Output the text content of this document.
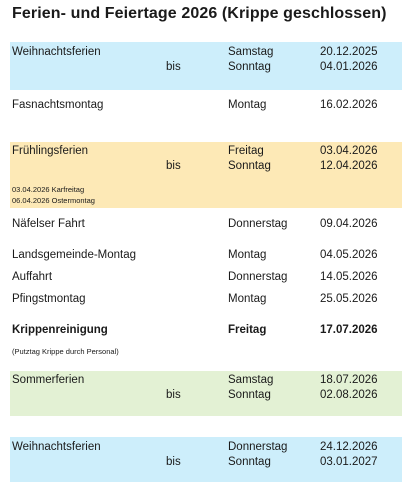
Ferien- und Feiertage 2026 (Krippe geschlossen)
Weihnachtsferien	Samstag	20.12.2025
bis	Sonntag	04.01.2026
Fasnachtsmontag	Montag	16.02.2026
Frühlingsferien	Freitag	03.04.2026
bis	Sonntag	12.04.2026
03.04.2026 Karfreitag
06.04.2026 Ostermontag
Näfelser Fahrt	Donnerstag	09.04.2026
Landsgemeinde-Montag	Montag	04.05.2026
Auffahrt	Donnerstag	14.05.2026
Pfingstmontag	Montag	25.05.2026
Krippenreinigung	Freitag	17.07.2026
(Putztag Krippe durch Personal)
Sommerferien	Samstag	18.07.2026
bis	Sonntag	02.08.2026
Weihnachtsferien	Donnerstag	24.12.2026
bis	Sonntag	03.01.2027
